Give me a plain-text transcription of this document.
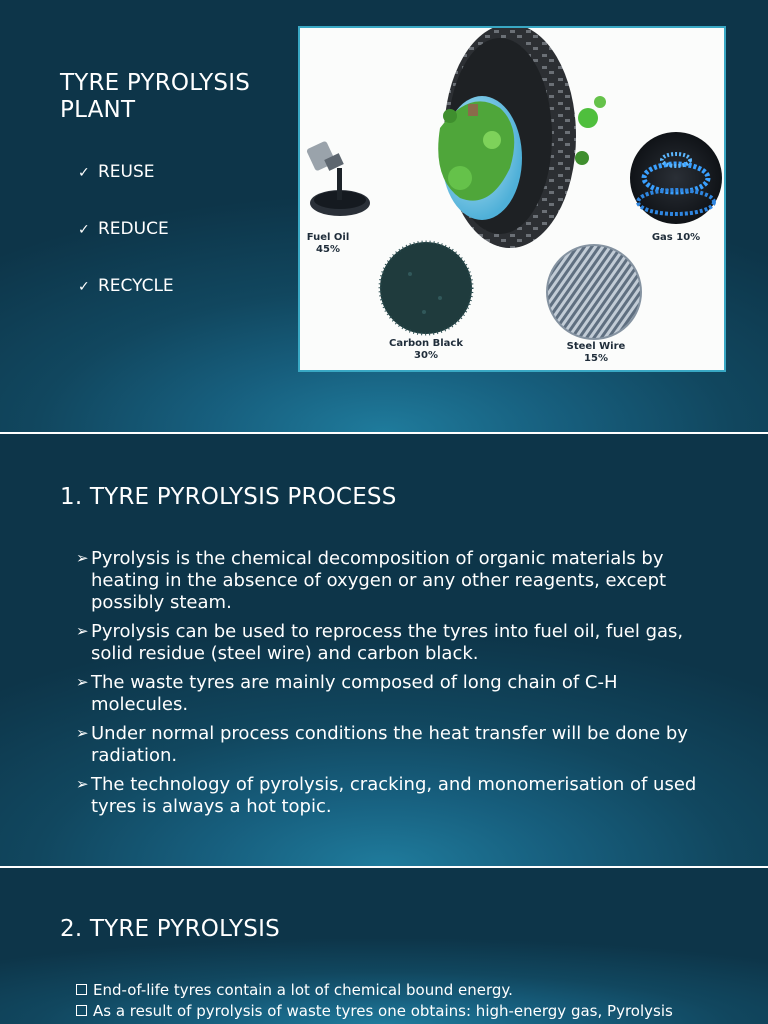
TYRE PYROLYSIS PLANT
✓ REUSE
✓ REDUCE
✓ RECYCLE
Fuel Oil
45%
Gas 10%
Carbon Black
30%
Steel Wire
15%
1. TYRE PYROLYSIS PROCESS
➢ Pyrolysis is the chemical decomposition of organic materials by heating in the absence of oxygen or any other reagents, except possibly steam.
➢ Pyrolysis can be used to reprocess the tyres into fuel oil, fuel gas, solid residue (steel wire) and carbon black.
➢ The waste tyres are mainly composed of long chain of C-H molecules.
➢ Under normal process conditions the heat transfer will be done by radiation.
➢ The technology of pyrolysis, cracking, and monomerisation of used tyres is always a hot topic.
2. TYRE PYROLYSIS
End-of-life tyres contain a lot of chemical bound energy.
As a result of pyrolysis of waste tyres one obtains: high-energy gas, Pyrolysis
